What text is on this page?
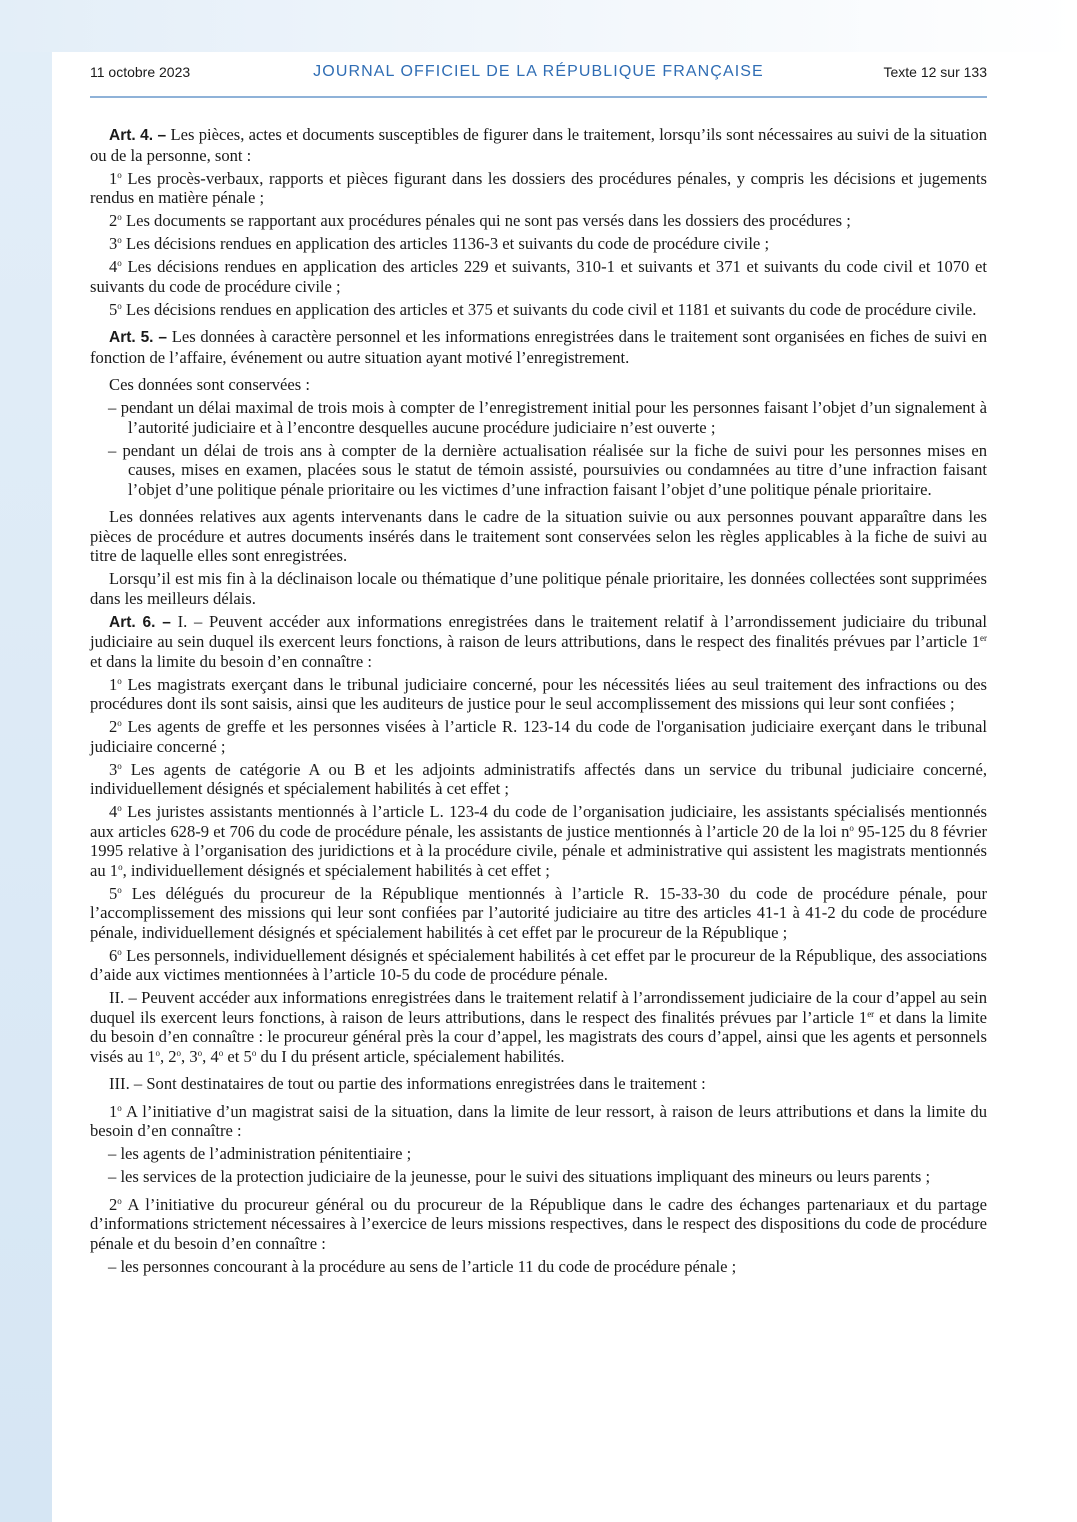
11 octobre 2023	JOURNAL OFFICIEL DE LA RÉPUBLIQUE FRANÇAISE	Texte 12 sur 133

Art. 4. – Les pièces, actes et documents susceptibles de figurer dans le traitement, lorsqu’ils sont nécessaires au suivi de la situation ou de la personne, sont :

1$^o$ Les procès-verbaux, rapports et pièces figurant dans les dossiers des procédures pénales, y compris les décisions et jugements rendus en matière pénale ;

2$^o$ Les documents se rapportant aux procédures pénales qui ne sont pas versés dans les dossiers des procédures ;

3$^o$ Les décisions rendues en application des articles 1136-3 et suivants du code de procédure civile ;

4$^o$ Les décisions rendues en application des articles 229 et suivants, 310-1 et suivants et 371 et suivants du code civil et 1070 et suivants du code de procédure civile ;

5$^o$ Les décisions rendues en application des articles et 375 et suivants du code civil et 1181 et suivants du code de procédure civile.

Art. 5. – Les données à caractère personnel et les informations enregistrées dans le traitement sont organisées en fiches de suivi en fonction de l’affaire, événement ou autre situation ayant motivé l’enregistrement.

Ces données sont conservées :

– pendant un délai maximal de trois mois à compter de l’enregistrement initial pour les personnes faisant l’objet d’un signalement à l’autorité judiciaire et à l’encontre desquelles aucune procédure judiciaire n’est ouverte ;

– pendant un délai de trois ans à compter de la dernière actualisation réalisée sur la fiche de suivi pour les personnes mises en causes, mises en examen, placées sous le statut de témoin assisté, poursuivies ou condamnées au titre d’une infraction faisant l’objet d’une politique pénale prioritaire ou les victimes d’une infraction faisant l’objet d’une politique pénale prioritaire.

Les données relatives aux agents intervenants dans le cadre de la situation suivie ou aux personnes pouvant apparaître dans les pièces de procédure et autres documents insérés dans le traitement sont conservées selon les règles applicables à la fiche de suivi au titre de laquelle elles sont enregistrées.

Lorsqu’il est mis fin à la déclinaison locale ou thématique d’une politique pénale prioritaire, les données collectées sont supprimées dans les meilleurs délais.

Art. 6. – I. – Peuvent accéder aux informations enregistrées dans le traitement relatif à l’arrondissement judiciaire du tribunal judiciaire au sein duquel ils exercent leurs fonctions, à raison de leurs attributions, dans le respect des finalités prévues par l’article 1er et dans la limite du besoin d’en connaître :

1$^o$ Les magistrats exerçant dans le tribunal judiciaire concerné, pour les nécessités liées au seul traitement des infractions ou des procédures dont ils sont saisis, ainsi que les auditeurs de justice pour le seul accomplissement des missions qui leur sont confiées ;

2$^o$ Les agents de greffe et les personnes visées à l’article R. 123-14 du code de l'organisation judiciaire exerçant dans le tribunal judiciaire concerné ;

3$^o$ Les agents de catégorie A ou B et les adjoints administratifs affectés dans un service du tribunal judiciaire concerné, individuellement désignés et spécialement habilités à cet effet ;

4$^o$ Les juristes assistants mentionnés à l’article L. 123-4 du code de l’organisation judiciaire, les assistants spécialisés mentionnés aux articles 628-9 et 706 du code de procédure pénale, les assistants de justice mentionnés à l’article 20 de la loi $n^o$ 95-125 du 8 février 1995 relative à l’organisation des juridictions et à la procédure civile, pénale et administrative qui assistent les magistrats mentionnés au 1$^o$, individuellement désignés et spécialement habilités à cet effet ;

5$^o$ Les délégués du procureur de la République mentionnés à l’article R. 15-33-30 du code de procédure pénale, pour l’accomplissement des missions qui leur sont confiées par l’autorité judiciaire au titre des articles 41-1 à 41-2 du code de procédure pénale, individuellement désignés et spécialement habilités à cet effet par le procureur de la République ;

6$^o$ Les personnels, individuellement désignés et spécialement habilités à cet effet par le procureur de la République, des associations d’aide aux victimes mentionnées à l’article 10-5 du code de procédure pénale.

II. – Peuvent accéder aux informations enregistrées dans le traitement relatif à l’arrondissement judiciaire de la cour d’appel au sein duquel ils exercent leurs fonctions, à raison de leurs attributions, dans le respect des finalités prévues par l’article 1er et dans la limite du besoin d’en connaître : le procureur général près la cour d’appel, les magistrats des cours d’appel, ainsi que les agents et personnels visés au 1$^o$, 2$^o$, 3$^o$, 4$^o$ et 5$^o$ du I du présent article, spécialement habilités.

III. – Sont destinataires de tout ou partie des informations enregistrées dans le traitement :

1$^o$ A l’initiative d’un magistrat saisi de la situation, dans la limite de leur ressort, à raison de leurs attributions et dans la limite du besoin d’en connaître :

– les agents de l’administration pénitentiaire ;

– les services de la protection judiciaire de la jeunesse, pour le suivi des situations impliquant des mineurs ou leurs parents ;

2$^o$ A l’initiative du procureur général ou du procureur de la République dans le cadre des échanges partenariaux et du partage d’informations strictement nécessaires à l’exercice de leurs missions respectives, dans le respect des dispositions du code de procédure pénale et du besoin d’en connaître :

– les personnes concourant à la procédure au sens de l’article 11 du code de procédure pénale ;
